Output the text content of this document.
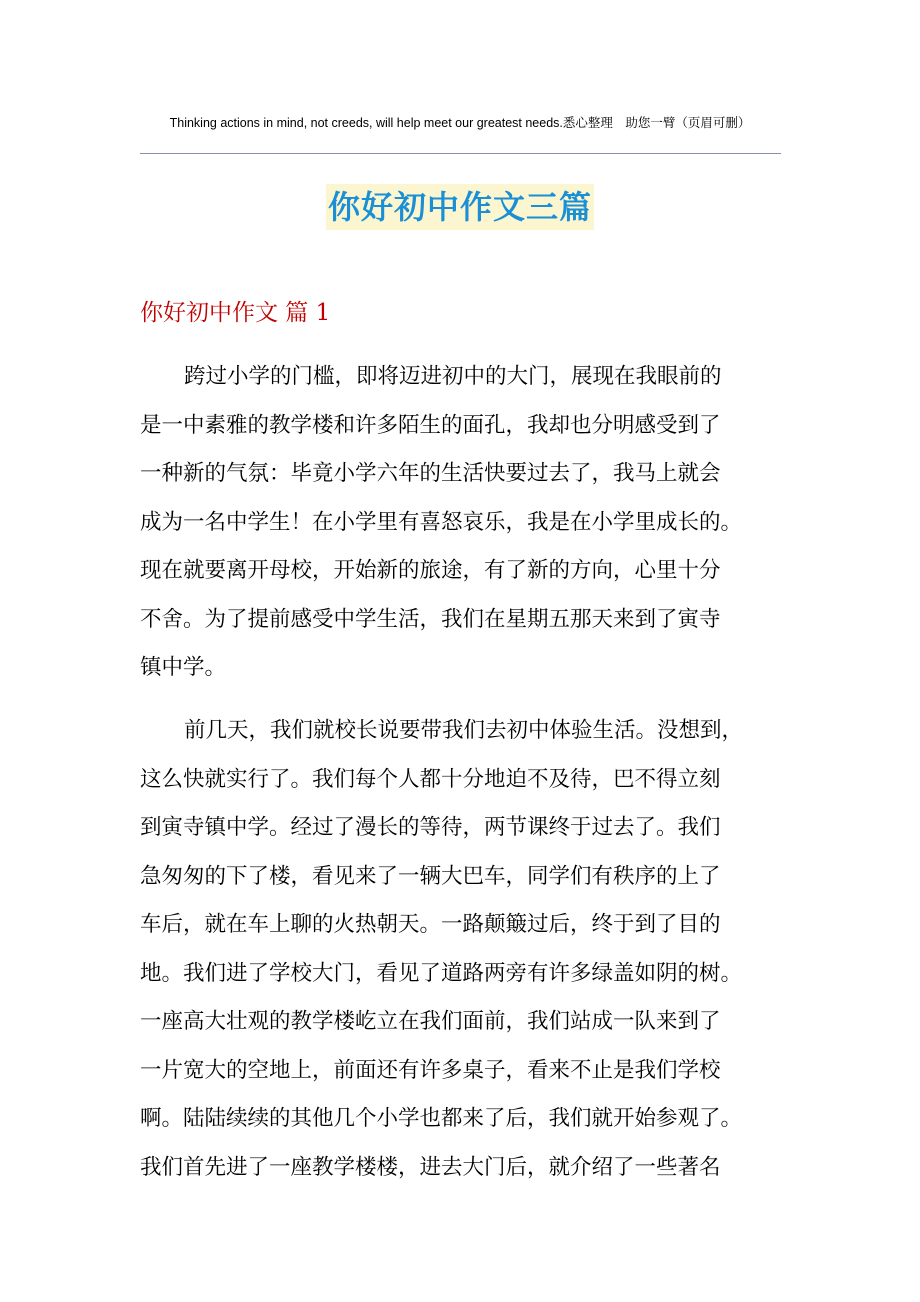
Thinking actions in mind, not creeds, will help meet our greatest needs.悉心整理　助您一臂（页眉可删）
你好初中作文三篇
你好初中作文 篇 1
跨过小学的门槛，即将迈进初中的大门，展现在我眼前的
是一中素雅的教学楼和许多陌生的面孔，我却也分明感受到了
一种新的气氛：毕竟小学六年的生活快要过去了，我马上就会
成为一名中学生！在小学里有喜怒哀乐，我是在小学里成长的。
现在就要离开母校，开始新的旅途，有了新的方向，心里十分
不舍。为了提前感受中学生活，我们在星期五那天来到了寅寺
镇中学。
前几天，我们就校长说要带我们去初中体验生活。没想到，
这么快就实行了。我们每个人都十分地迫不及待，巴不得立刻
到寅寺镇中学。经过了漫长的等待，两节课终于过去了。我们
急匆匆的下了楼，看见来了一辆大巴车，同学们有秩序的上了
车后，就在车上聊的火热朝天。一路颠簸过后，终于到了目的
地。我们进了学校大门，看见了道路两旁有许多绿盖如阴的树。
一座高大壮观的教学楼屹立在我们面前，我们站成一队来到了
一片宽大的空地上，前面还有许多桌子，看来不止是我们学校
啊。陆陆续续的其他几个小学也都来了后，我们就开始参观了。
我们首先进了一座教学楼楼，进去大门后，就介绍了一些著名
